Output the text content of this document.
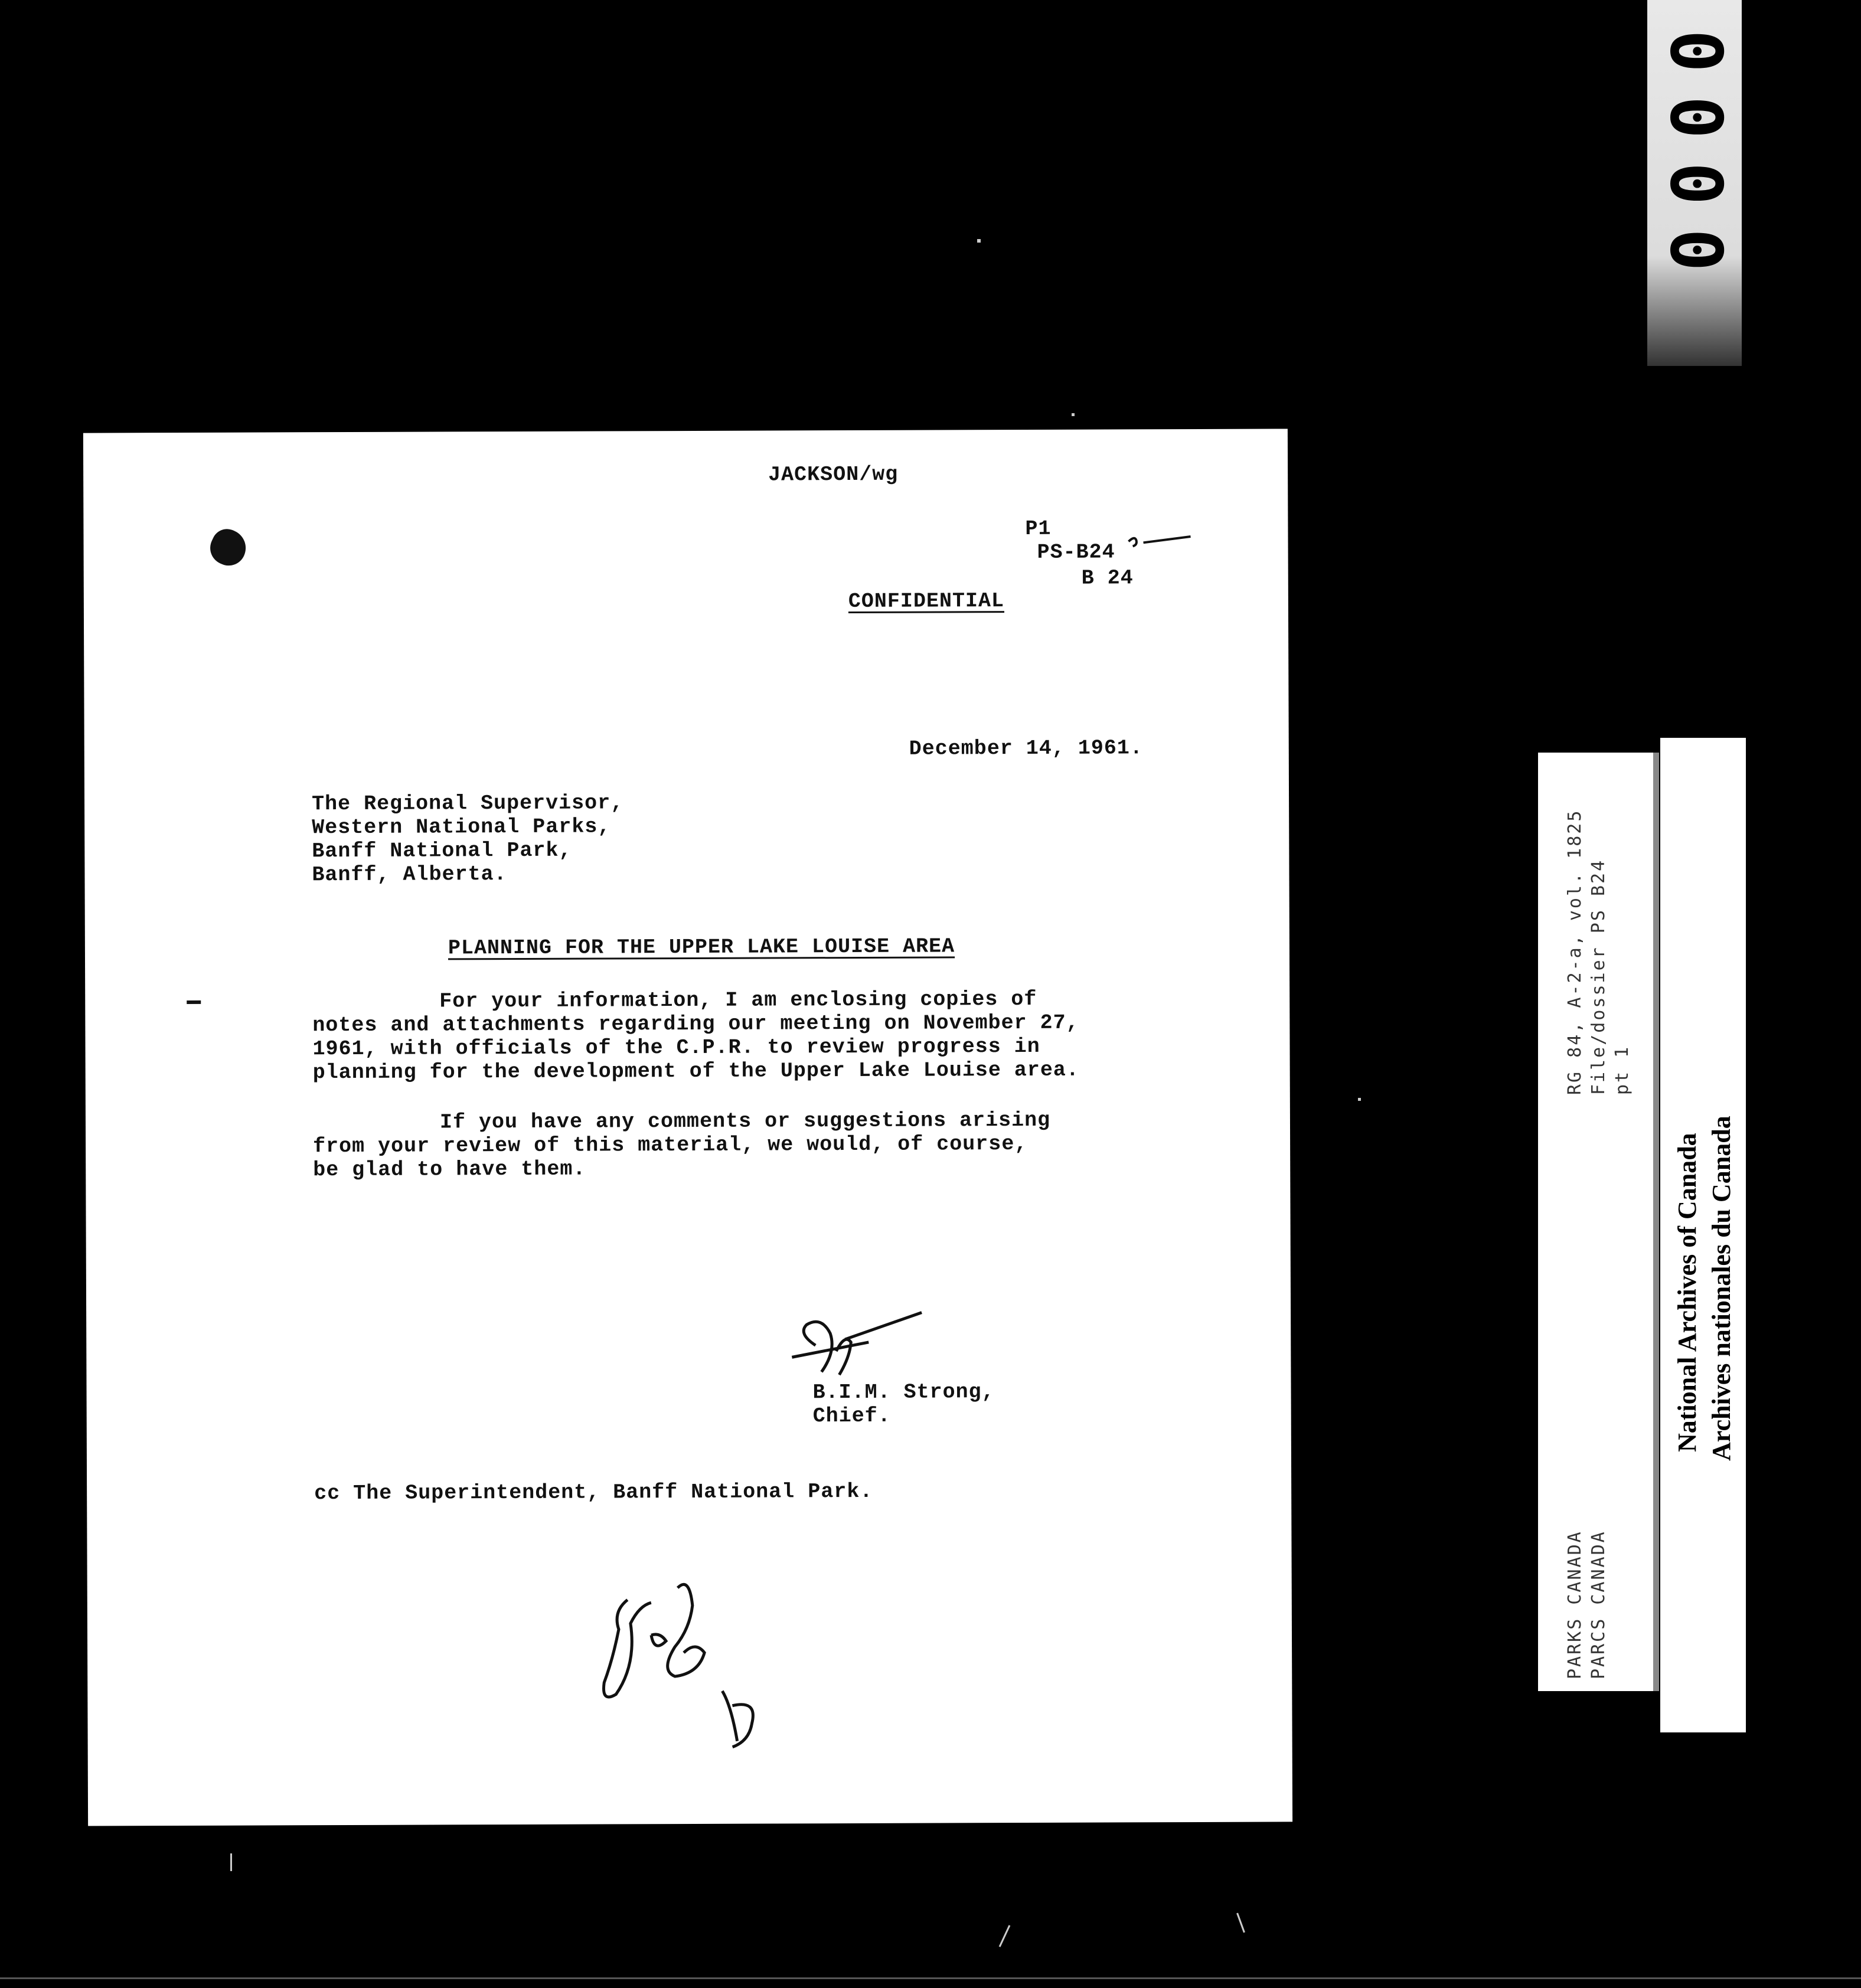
0000
JACKSON/wg
P1
PS-B24
B 24
CONFIDENTIAL
December 14, 1961.
The Regional Supervisor,
Western National Parks,
Banff National Park,
Banff, Alberta.
PLANNING FOR THE UPPER LAKE LOUISE AREA
For your information, I am enclosing copies of
notes and attachments regarding our meeting on November 27,
1961, with officials of the C.P.R. to review progress in
planning for the development of the Upper Lake Louise area.
If you have any comments or suggestions arising
from your review of this material, we would, of course,
be glad to have them.
B.I.M. Strong,
Chief.
cc The Superintendent, Banff National Park.
RG 84, A-2-a, vol. 1825 File/dossier PS B24 pt 1
PARKS CANADA PARCS CANADA
National Archives of Canada Archives nationales du Canada
